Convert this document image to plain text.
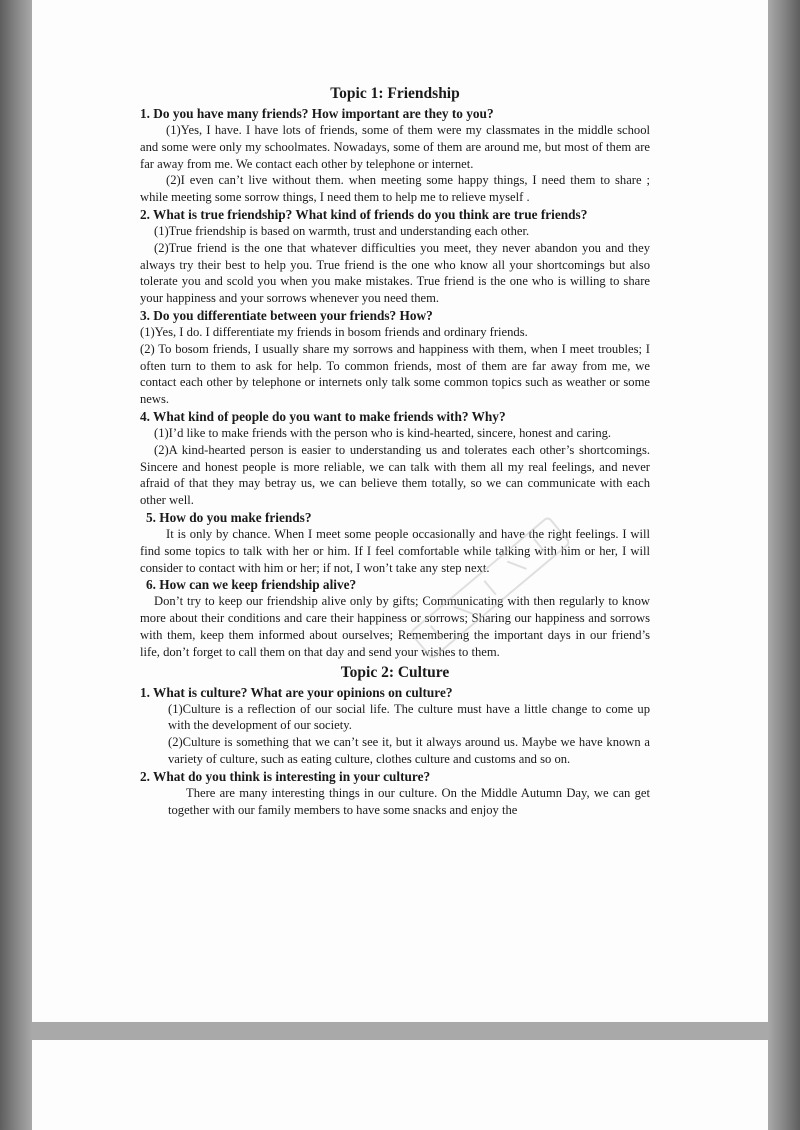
Topic 1: Friendship
1. Do you have many friends? How important are they to you?

(1)Yes, I have. I have lots of friends, some of them were my classmates in the middle school and some were only my schoolmates. Nowadays, some of them are around me, but most of them are far away from me. We contact each other by telephone or internet.

(2)I even can’t live without them. when meeting some happy things, I need them to share ; while meeting some sorrow things, I need them to help me to relieve myself .

2. What is true friendship? What kind of friends do you think are true friends?

(1)True friendship is based on warmth, trust and understanding each other.

(2)True friend is the one that whatever difficulties you meet, they never abandon you and they always try their best to help you. True friend is the one who know all your shortcomings but also tolerate you and scold you when you make mistakes. True friend is the one who is willing to share your happiness and your sorrows whenever you need them.

3. Do you differentiate between your friends? How?

(1)Yes, I do. I differentiate my friends in bosom friends and ordinary friends.

(2) To bosom friends, I usually share my sorrows and happiness with them, when I meet troubles; I often turn to them to ask for help. To common friends, most of them are far away from me, we contact each other by telephone or internets only talk some common topics such as weather or some news.

4. What kind of people do you want to make friends with? Why?

(1)I’d like to make friends with the person who is kind-hearted, sincere, honest and caring.

(2)A kind-hearted person is easier to understanding us and tolerates each other’s shortcomings. Sincere and honest people is more reliable, we can talk with them all my real feelings, and never afraid of that they may betray us, we can believe them totally, so we can communicate with each other well.

5. How do you make friends?

It is only by chance. When I meet some people occasionally and have the right feelings. I will find some topics to talk with her or him. If I feel comfortable while talking with him or her, I will consider to contact with him or her; if not, I won’t take any step next.

6. How can we keep friendship alive?

Don’t try to keep our friendship alive only by gifts; Communicating with then regularly to know more about their conditions and care their happiness or sorrows; Sharing our happiness and sorrows with them, keep them informed about ourselves; Remembering the important days in our friend’s life, don’t forget to call them on that day and send your wishes to them.

Topic 2: Culture
1. What is culture? What are your opinions on culture?

(1)Culture is a reflection of our social life. The culture must have a little change to come up with the development of our society.

(2)Culture is something that we can’t see it, but it always around us. Maybe we have known a variety of culture, such as eating culture, clothes culture and customs and so on.

2. What do you think is interesting in your culture?

There are many interesting things in our culture. On the Middle Autumn Day, we can get together with our family members to have some snacks and enjoy the
